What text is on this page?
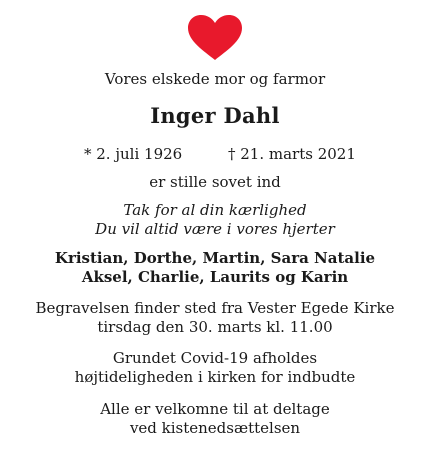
Vores elskede mor og farmor
Inger Dahl
* 2. juli 1926	† 21. marts 2021
er stille sovet ind
Tak for al din kærlighed
Du vil altid være i vores hjerter
Kristian, Dorthe, Martin, Sara Natalie
Aksel, Charlie, Laurits og Karin
Begravelsen finder sted fra Vester Egede Kirke
tirsdag den 30. marts kl. 11.00
Grundet Covid-19 afholdes
højtideligheden i kirken for indbudte
Alle er velkomne til at deltage
ved kistenedsættelsen
